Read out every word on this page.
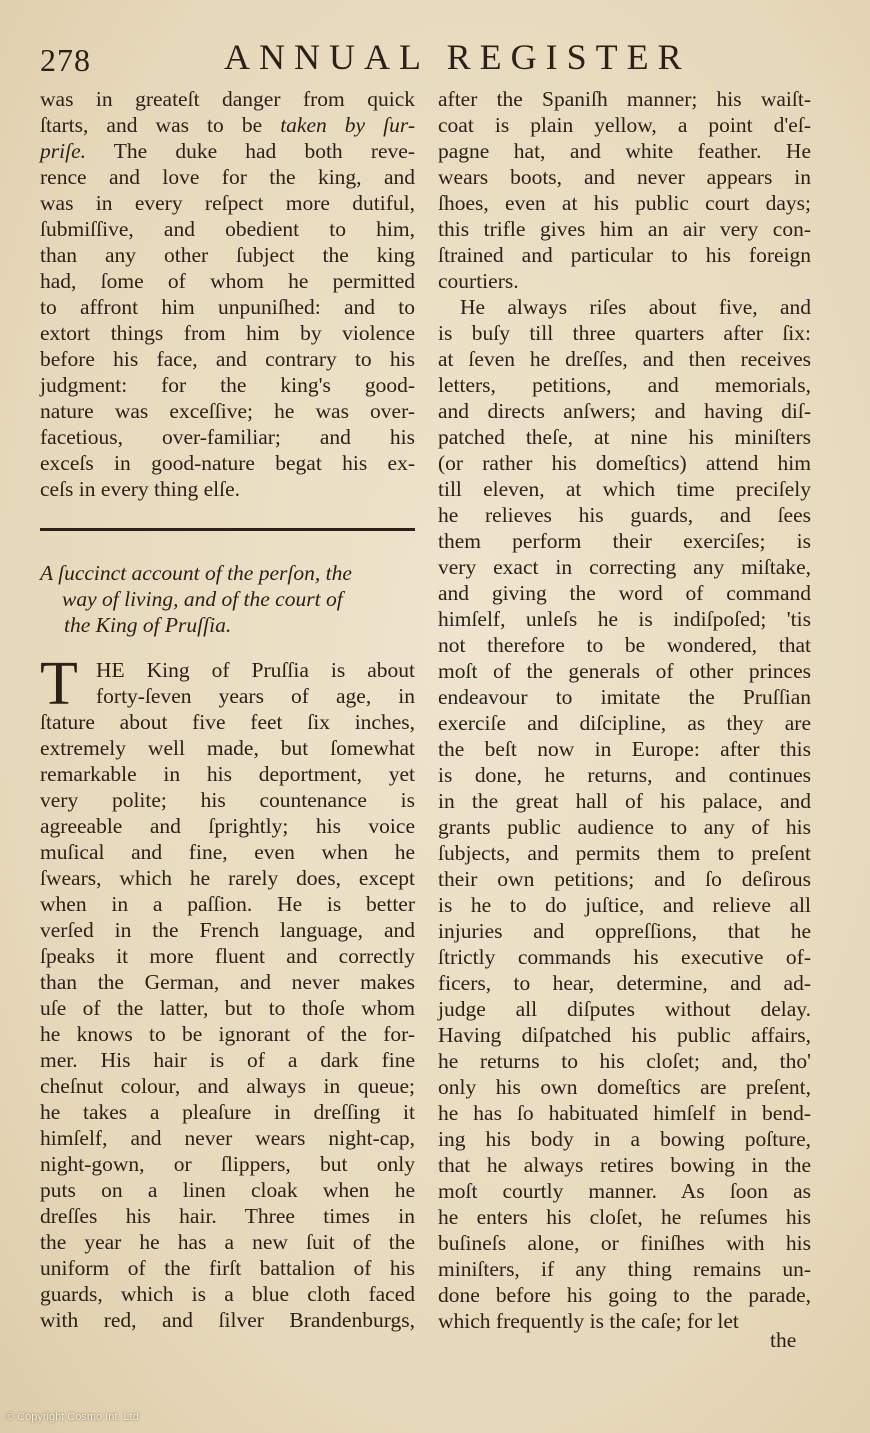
278	ANNUAL REGISTER
was in greateſt danger from quick
ſtarts, and was to be taken by ſur-
priſe. The duke had both reve-
rence and love for the king, and
was in every reſpect more dutiful,
ſubmiſſive, and obedient to him,
than any other ſubject the king
had, ſome of whom he permitted
to affront him unpuniſhed: and to
extort things from him by violence
before his face, and contrary to his
judgment: for the king's good-
nature was exceſſive; he was over-
facetious, over-familiar; and his
exceſs in good-nature begat his ex-
ceſs in every thing elſe.
A ſuccinct account of the perſon, the
way of living, and of the court of
the King of Pruſſia.
T HE King of Pruſſia is about
forty-ſeven years of age, in
ſtature about five feet ſix inches,
extremely well made, but ſomewhat
remarkable in his deportment, yet
very polite; his countenance is
agreeable and ſprightly; his voice
muſical and fine, even when he
ſwears, which he rarely does, except
when in a paſſion. He is better
verſed in the French language, and
ſpeaks it more fluent and correctly
than the German, and never makes
uſe of the latter, but to thoſe whom
he knows to be ignorant of the for-
mer. His hair is of a dark fine
cheſnut colour, and always in queue;
he takes a pleaſure in dreſſing it
himſelf, and never wears night-cap,
night-gown, or ſlippers, but only
puts on a linen cloak when he
dreſſes his hair. Three times in
the year he has a new ſuit of the
uniform of the firſt battalion of his
guards, which is a blue cloth faced
with red, and ſilver Brandenburgs,
after the Spaniſh manner; his waiſt-
coat is plain yellow, a point d'eſ-
pagne hat, and white feather. He
wears boots, and never appears in
ſhoes, even at his public court days;
this trifle gives him an air very con-
ſtrained and particular to his foreign
courtiers.
He always riſes about five, and
is buſy till three quarters after ſix:
at ſeven he dreſſes, and then receives
letters, petitions, and memorials,
and directs anſwers; and having diſ-
patched theſe, at nine his miniſters
(or rather his domeſtics) attend him
till eleven, at which time preciſely
he relieves his guards, and ſees
them perform their exerciſes; is
very exact in correcting any miſtake,
and giving the word of command
himſelf, unleſs he is indiſpoſed; 'tis
not therefore to be wondered, that
moſt of the generals of other princes
endeavour to imitate the Pruſſian
exerciſe and diſcipline, as they are
the beſt now in Europe: after this
is done, he returns, and continues
in the great hall of his palace, and
grants public audience to any of his
ſubjects, and permits them to preſent
their own petitions; and ſo deſirous
is he to do juſtice, and relieve all
injuries and oppreſſions, that he
ſtrictly commands his executive of-
ficers, to hear, determine, and ad-
judge all diſputes without delay.
Having diſpatched his public affairs,
he returns to his cloſet; and, tho'
only his own domeſtics are preſent,
he has ſo habituated himſelf in bend-
ing his body in a bowing poſture,
that he always retires bowing in the
moſt courtly manner. As ſoon as
he enters his cloſet, he reſumes his
buſineſs alone, or finiſhes with his
miniſters, if any thing remains un-
done before his going to the parade,
which frequently is the caſe; for let
the
© Copyright Cosmo Int. Ltd
